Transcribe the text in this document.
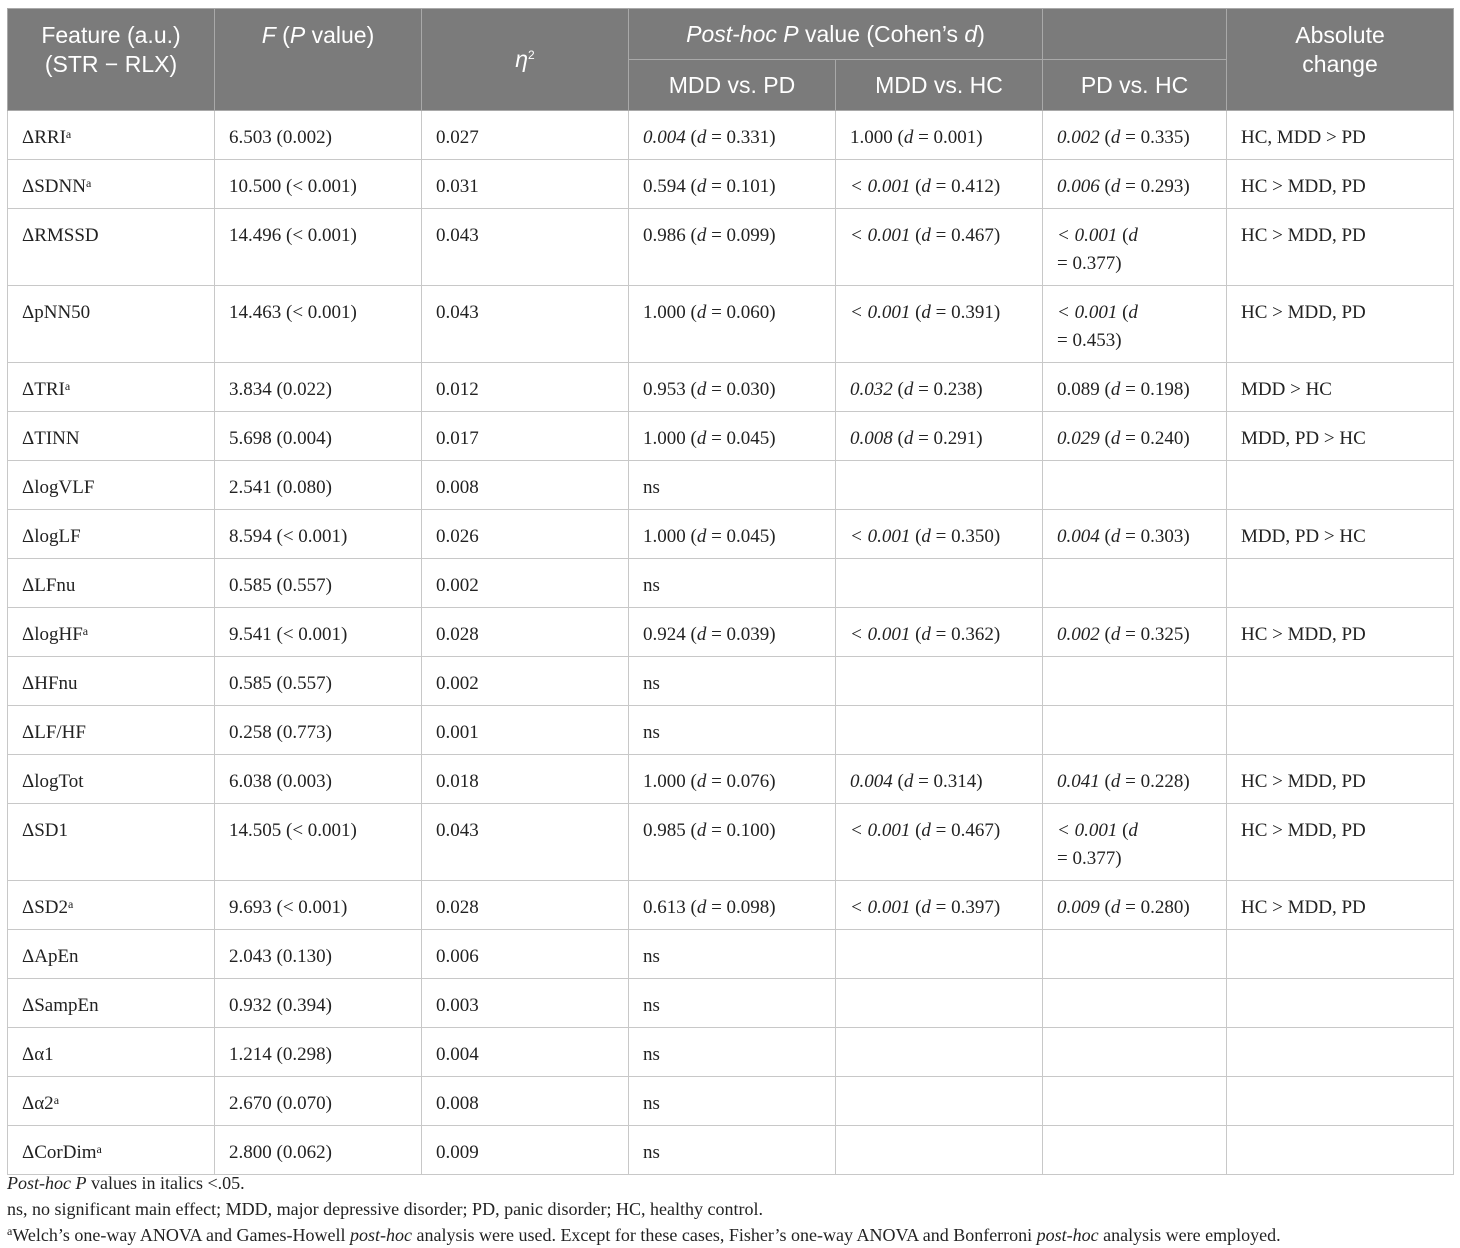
Feature (a.u.)
(STR − RLX)	F (P value)	$\eta^2$	Post-hoc P value (Cohen’s d)			Absolute
change
			MDD vs. PD	MDD vs. HC	PD vs. HC	
ΔRRI$^a$	6.503 (0.002)	0.027	0.004 (d = 0.331)	1.000 (d = 0.001)	0.002 (d = 0.335)	HC, MDD > PD
ΔSDNN$^a$	10.500 (< 0.001)	0.031	0.594 (d = 0.101)	< 0.001 (d = 0.412)	0.006 (d = 0.293)	HC > MDD, PD
ΔRMSSD	14.496 (< 0.001)	0.043	0.986 (d = 0.099)	< 0.001 (d = 0.467)	< 0.001 (d
= 0.377)	HC > MDD, PD
ΔpNN50	14.463 (< 0.001)	0.043	1.000 (d = 0.060)	< 0.001 (d = 0.391)	< 0.001 (d
= 0.453)	HC > MDD, PD
ΔTRI$^a$	3.834 (0.022)	0.012	0.953 (d = 0.030)	0.032 (d = 0.238)	0.089 (d = 0.198)	MDD > HC
ΔTINN	5.698 (0.004)	0.017	1.000 (d = 0.045)	0.008 (d = 0.291)	0.029 (d = 0.240)	MDD, PD > HC
ΔlogVLF	2.541 (0.080)	0.008	ns			
ΔlogLF	8.594 (< 0.001)	0.026	1.000 (d = 0.045)	< 0.001 (d = 0.350)	0.004 (d = 0.303)	MDD, PD > HC
ΔLFnu	0.585 (0.557)	0.002	ns			
ΔlogHF$^a$	9.541 (< 0.001)	0.028	0.924 (d = 0.039)	< 0.001 (d = 0.362)	0.002 (d = 0.325)	HC > MDD, PD
ΔHFnu	0.585 (0.557)	0.002	ns			
ΔLF/HF	0.258 (0.773)	0.001	ns			
ΔlogTot	6.038 (0.003)	0.018	1.000 (d = 0.076)	0.004 (d = 0.314)	0.041 (d = 0.228)	HC > MDD, PD
ΔSD1	14.505 (< 0.001)	0.043	0.985 (d = 0.100)	< 0.001 (d = 0.467)	< 0.001 (d
= 0.377)	HC > MDD, PD
ΔSD2$^a$	9.693 (< 0.001)	0.028	0.613 (d = 0.098)	< 0.001 (d = 0.397)	0.009 (d = 0.280)	HC > MDD, PD
ΔApEn	2.043 (0.130)	0.006	ns			
ΔSampEn	0.932 (0.394)	0.003	ns			
Δα1	1.214 (0.298)	0.004	ns			
Δα2$^a$	2.670 (0.070)	0.008	ns			
ΔCorDim$^a$	2.800 (0.062)	0.009	ns			

Post-hoc P values in italics <.05.

ns, no significant main effect; MDD, major depressive disorder; PD, panic disorder; HC, healthy control.

$^a$Welch’s one-way ANOVA and Games-Howell post-hoc analysis were used. Except for these cases, Fisher’s one-way ANOVA and Bonferroni post-hoc analysis were employed.
